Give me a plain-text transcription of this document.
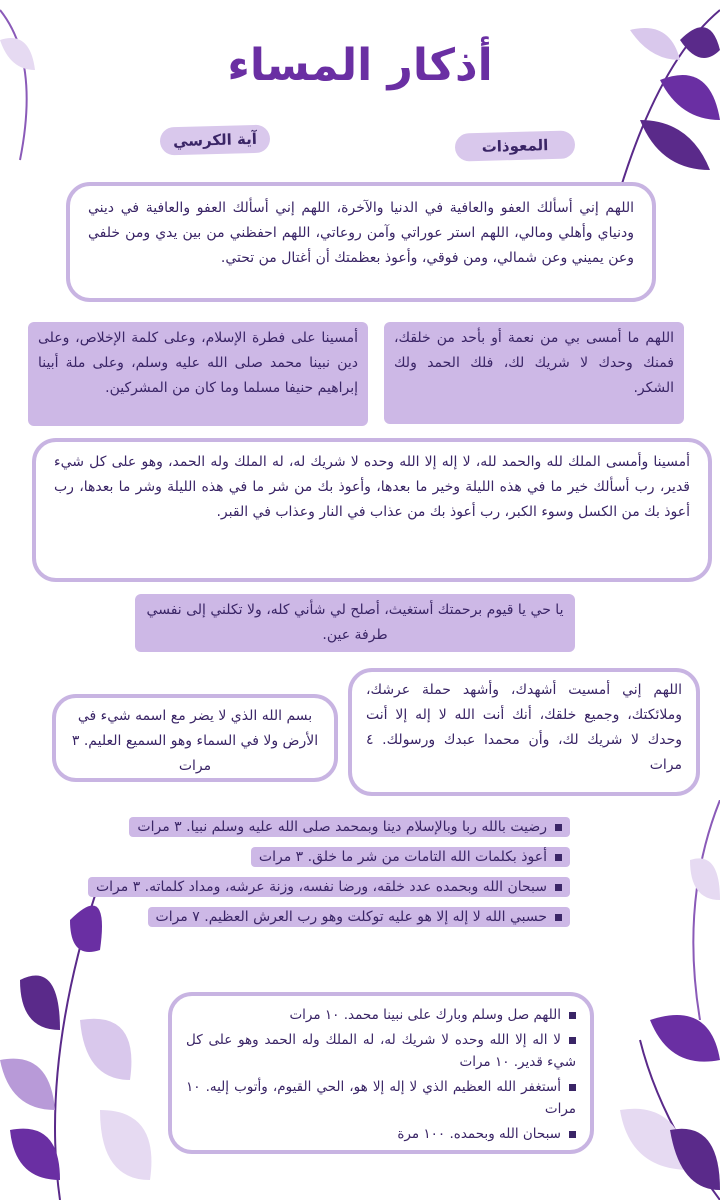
أذكار المساء
المعوذات
آية الكرسي
اللهم إني أسألك العفو والعافية في الدنيا والآخرة، اللهم إني أسألك العفو والعافية في ديني ودنياي وأهلي ومالي، اللهم استر عوراتي وآمن روعاتي، اللهم احفظني من بين يدي ومن خلفي وعن يميني وعن شمالي، ومن فوقي، وأعوذ بعظمتك أن أغتال من تحتي.
اللهم ما أمسى بي من نعمة أو بأحد من خلقك، فمنك وحدك لا شريك لك، فلك الحمد ولك الشكر.
أمسينا على فطرة الإسلام، وعلى كلمة الإخلاص، وعلى دين نبينا محمد صلى الله عليه وسلم، وعلى ملة أبينا إبراهيم حنيفا مسلما وما كان من المشركين.
أمسينا وأمسى الملك لله والحمد لله، لا إله إلا الله وحده لا شريك له، له الملك وله الحمد، وهو على كل شيء قدير، رب أسألك خير ما في هذه الليلة وخير ما بعدها، وأعوذ بك من شر ما في هذه الليلة وشر ما بعدها، رب أعوذ بك من الكسل وسوء الكبر، رب أعوذ بك من عذاب في النار وعذاب في القبر.
يا حي يا قيوم برحمتك أستغيث، أصلح لي شأني كله، ولا تكلني إلى نفسي طرفة عين.
اللهم إني أمسيت أشهدك، وأشهد حملة عرشك، وملائكتك، وجميع خلقك، أنك أنت الله لا إله إلا أنت وحدك لا شريك لك، وأن محمدا عبدك ورسولك. ٤ مرات
بسم الله الذي لا يضر مع اسمه شيء في الأرض ولا في السماء وهو السميع العليم. ٣ مرات
رضيت بالله ربا وبالإسلام دينا وبمحمد صلى الله عليه وسلم نبيا. ٣ مرات
أعوذ بكلمات الله التامات من شر ما خلق. ٣ مرات
سبحان الله وبحمده عدد خلقه، ورضا نفسه، وزنة عرشه، ومداد كلماته. ٣ مرات
حسبي الله لا إله إلا هو عليه توكلت وهو رب العرش العظيم. ٧ مرات
اللهم صل وسلم وبارك على نبينا محمد. ١٠ مرات
لا اله إلا الله وحده لا شريك له، له الملك وله الحمد وهو على كل شيء قدير. ١٠ مرات
أستغفر الله العظيم الذي لا إله إلا هو، الحي القيوم، وأتوب إليه. ١٠ مرات
سبحان الله وبحمده. ١٠٠ مرة
